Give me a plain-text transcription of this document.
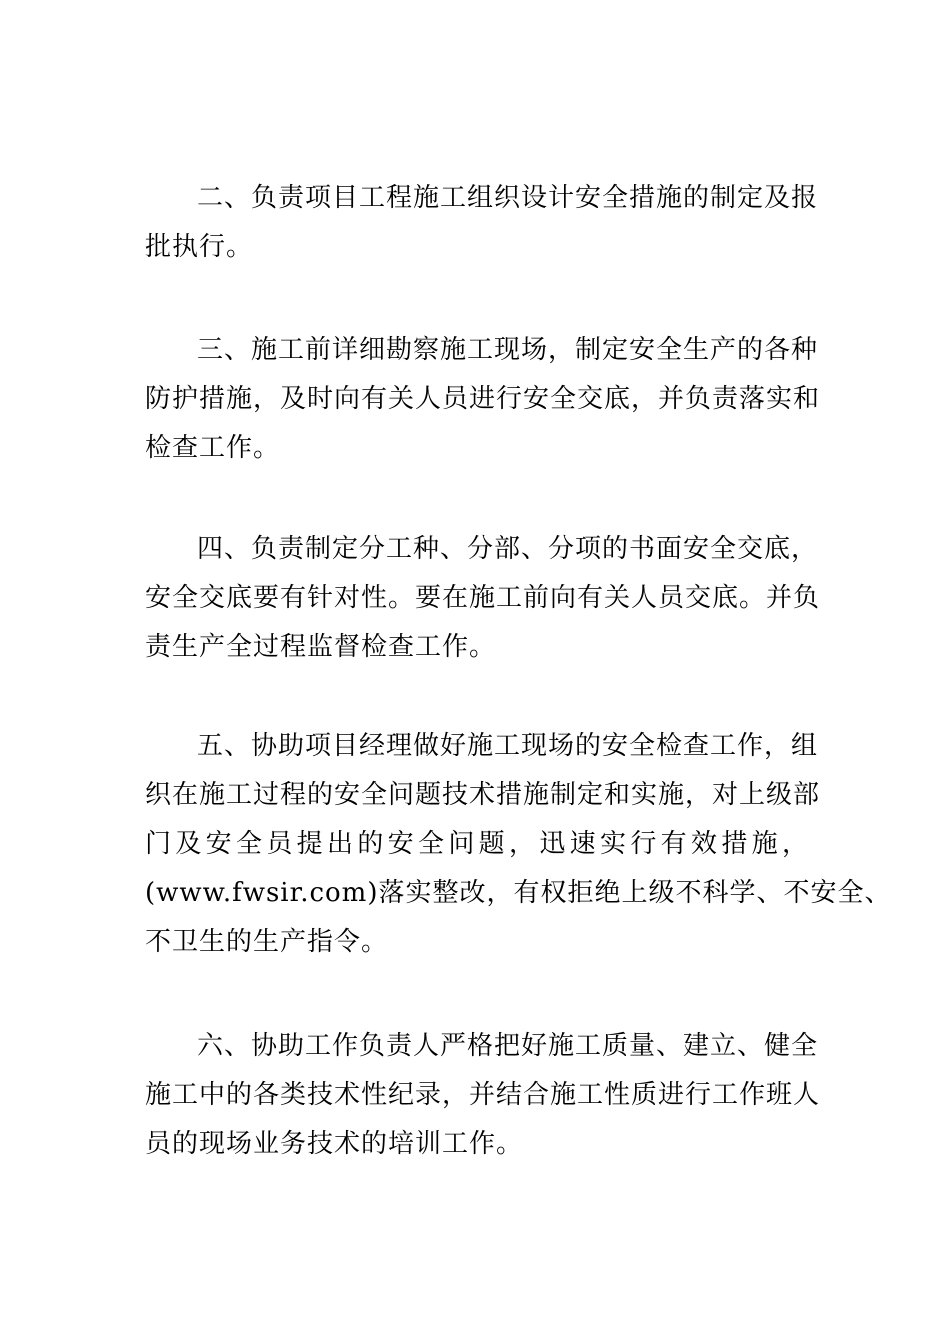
二、负责项目工程施工组织设计安全措施的制定及报
批执行。

三、施工前详细勘察施工现场，制定安全生产的各种
防护措施，及时向有关人员进行安全交底，并负责落实和
检查工作。

四、负责制定分工种、分部、分项的书面安全交底，
安全交底要有针对性。要在施工前向有关人员交底。并负
责生产全过程监督检查工作。

五、协助项目经理做好施工现场的安全检查工作，组
织在施工过程的安全问题技术措施制定和实施，对上级部
门及安全员提出的安全问题，迅速实行有效措施，
(www.fwsir.com)落实整改，有权拒绝上级不科学、不安全、
不卫生的生产指令。

六、协助工作负责人严格把好施工质量、建立、健全
施工中的各类技术性纪录，并结合施工性质进行工作班人
员的现场业务技术的培训工作。
